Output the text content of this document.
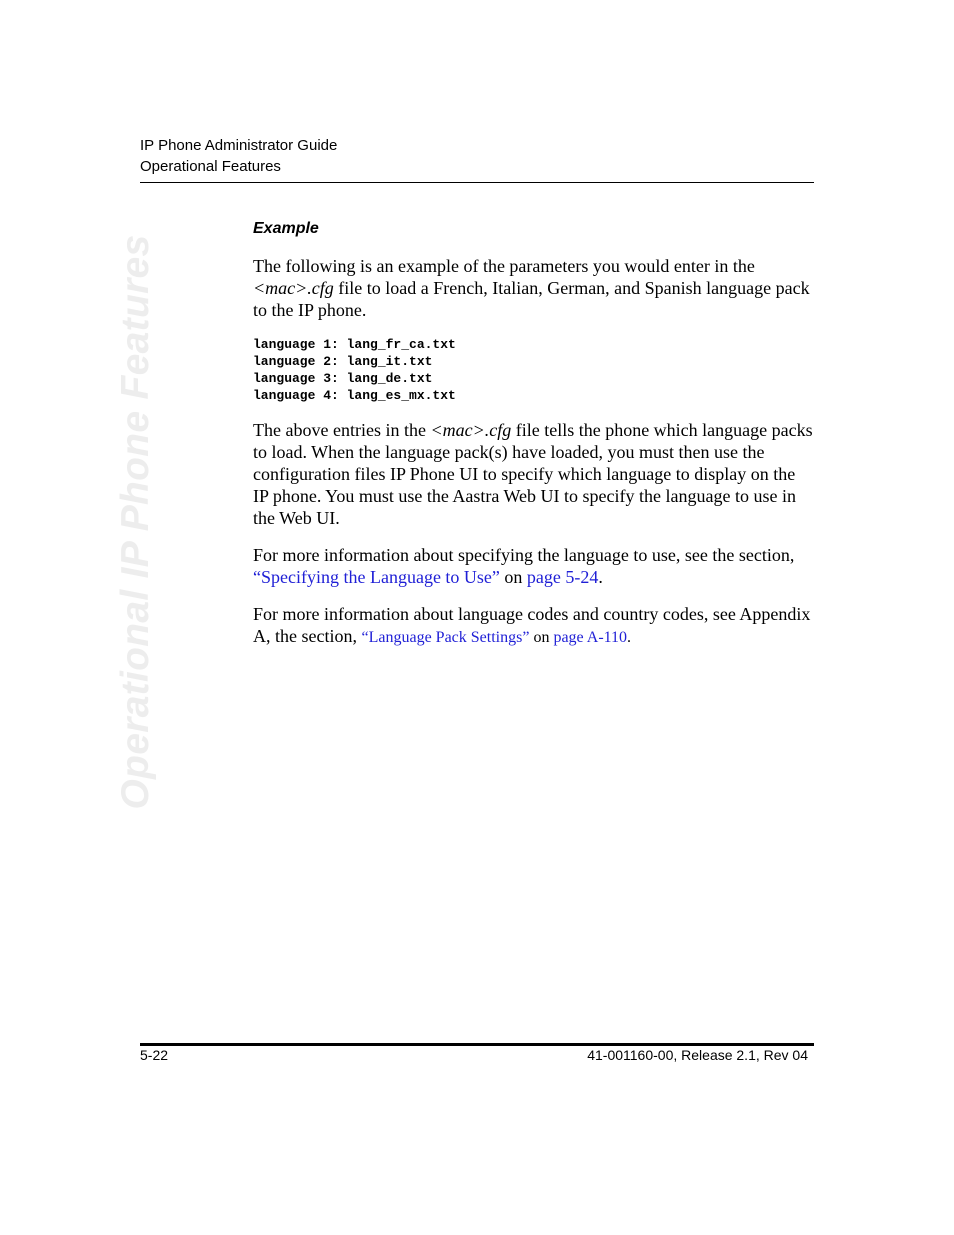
IP Phone Administrator Guide
Operational Features
Operational IP Phone Features
Example

The following is an example of the parameters you would enter in the <mac>.cfg file to load a French, Italian, German, and Spanish language pack to the IP phone.

language 1: lang_fr_ca.txt
language 2: lang_it.txt
language 3: lang_de.txt
language 4: lang_es_mx.txt

The above entries in the <mac>.cfg file tells the phone which language packs to load. When the language pack(s) have loaded, you must then use the configuration files IP Phone UI to specify which language to display on the IP phone. You must use the Aastra Web UI to specify the language to use in the Web UI.

For more information about specifying the language to use, see the section, “Specifying the Language to Use” on page 5-24.

For more information about language codes and country codes, see Appendix A, the section, “Language Pack Settings” on page A-110.

5-22	41-001160-00, Release 2.1, Rev 04
